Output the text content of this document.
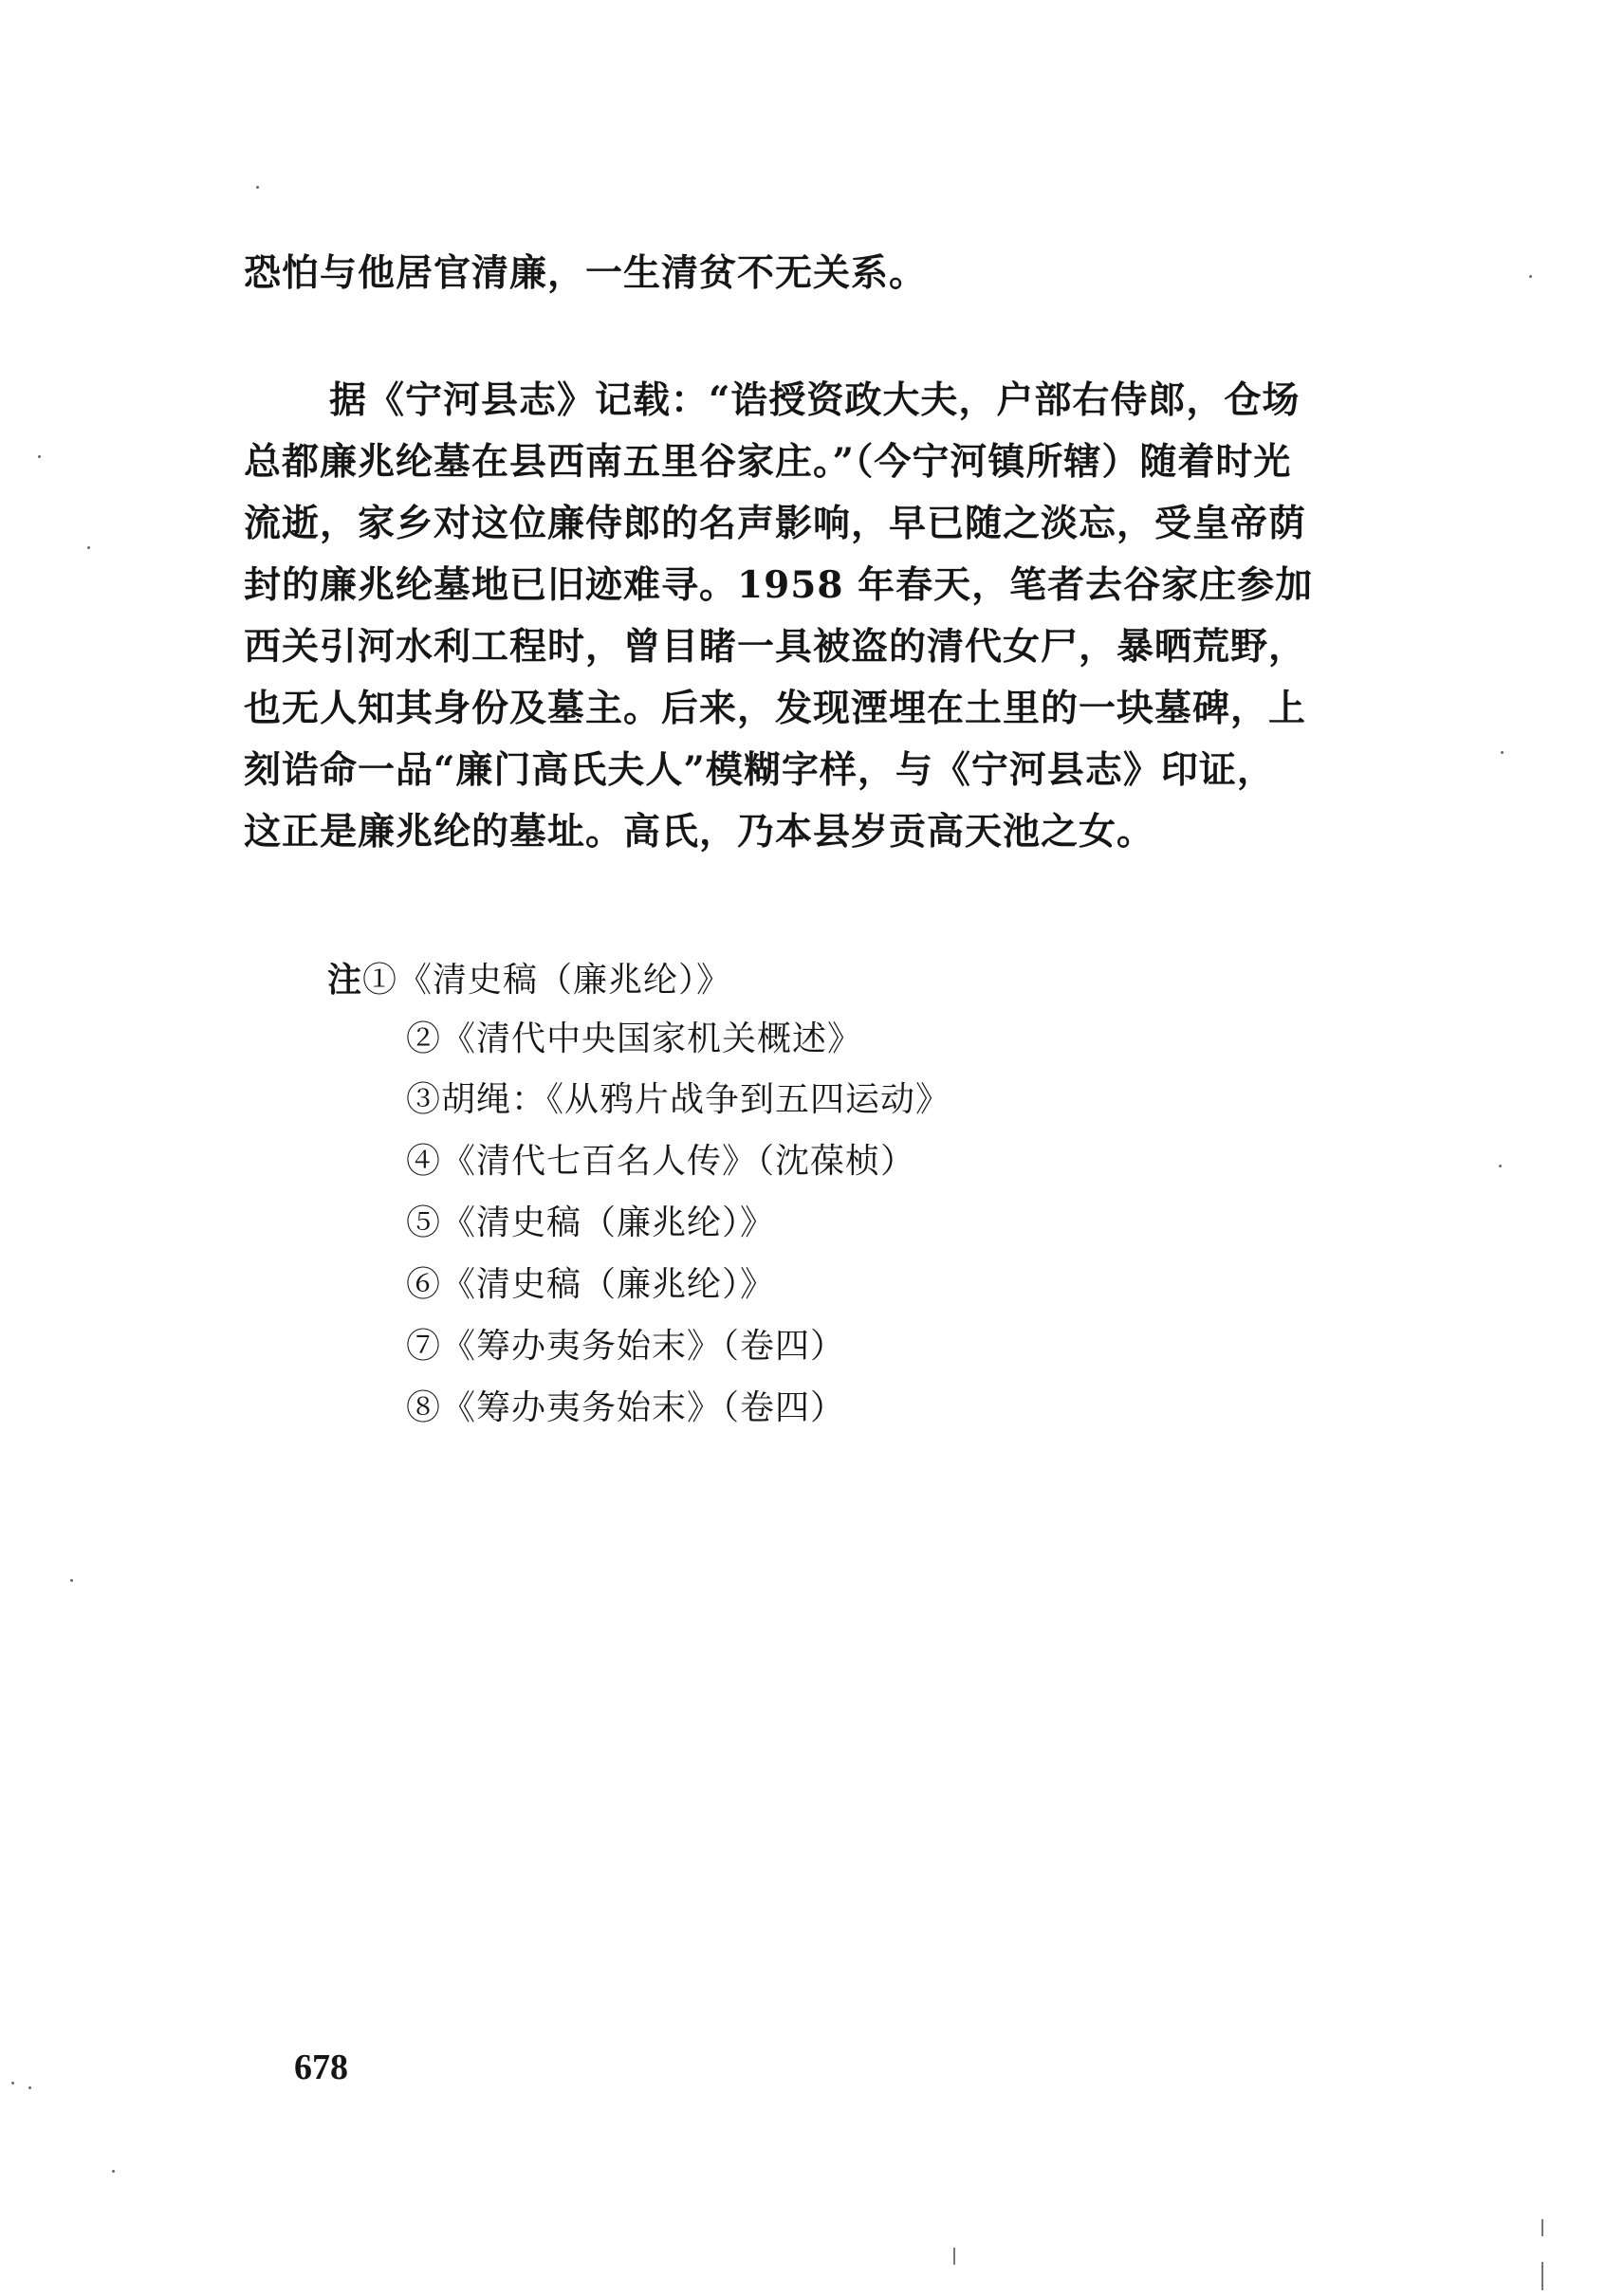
恐怕与他居官清廉，一生清贫不无关系。
据《宁河县志》记载：“诰授资政大夫，户部右侍郎，仓场
总都廉兆纶墓在县西南五里谷家庄。”（今宁河镇所辖）随着时光
流逝，家乡对这位廉侍郎的名声影响，早已随之淡忘，受皇帝荫
封的廉兆纶墓地已旧迹难寻。1958 年春天，笔者去谷家庄参加
西关引河水利工程时，曾目睹一具被盗的清代女尸，暴晒荒野，
也无人知其身份及墓主。后来，发现湮埋在土里的一块墓碑，上
刻诰命一品“廉门高氏夫人”模糊字样，与《宁河县志》印证，
这正是廉兆纶的墓址。高氏，乃本县岁贡高天池之女。
注①《清史稿（廉兆纶）》
②《清代中央国家机关概述》
③胡绳：《从鸦片战争到五四运动》
④《清代七百名人传》（沈葆桢）
⑤《清史稿（廉兆纶）》
⑥《清史稿（廉兆纶）》
⑦《筹办夷务始末》（卷四）
⑧《筹办夷务始末》（卷四）
678
